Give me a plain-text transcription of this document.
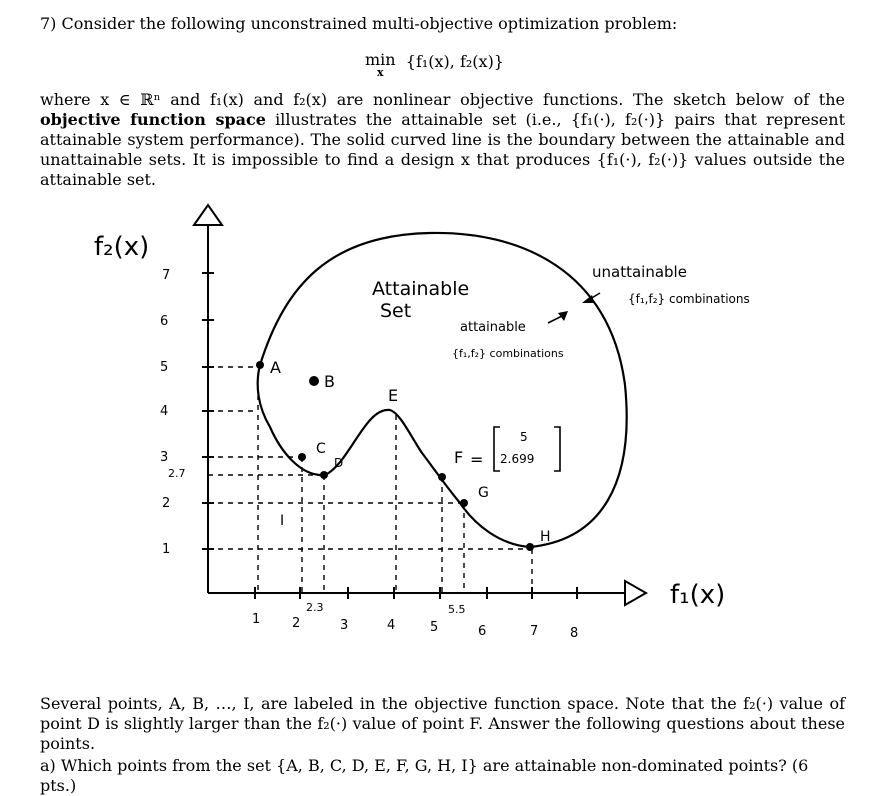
7) Consider the following unconstrained multi-objective optimization problem:
min
x
{f₁(x), f₂(x)}
where x ∈ ℝⁿ and f₁(x) and f₂(x) are nonlinear objective functions. The sketch below of the objective function space illustrates the attainable set (i.e., {f₁(·), f₂(·)} pairs that represent attainable system performance). The solid curved line is the boundary between the attainable and unattainable sets. It is impossible to find a design x that produces {f₁(·), f₂(·)} values outside the attainable set.
f₂(x)
f₁(x)
7
6
5
4
3
2.7
2
1
1 2
2.3
3	4	5
5.5
6	7 8
A
B
C
D
E
F
G
H
I
=
5
2.699
Attainable
Set
attainable
{f₁,f₂} combinations
unattainable
{f₁,f₂} combinations
Several points, A, B, …, I, are labeled in the objective function space. Note that the f₂(·) value of point D is slightly larger than the f₂(·) value of point F. Answer the following questions about these points.
a) Which points from the set {A, B, C, D, E, F, G, H, I} are attainable non-dominated points? (6 pts.)
